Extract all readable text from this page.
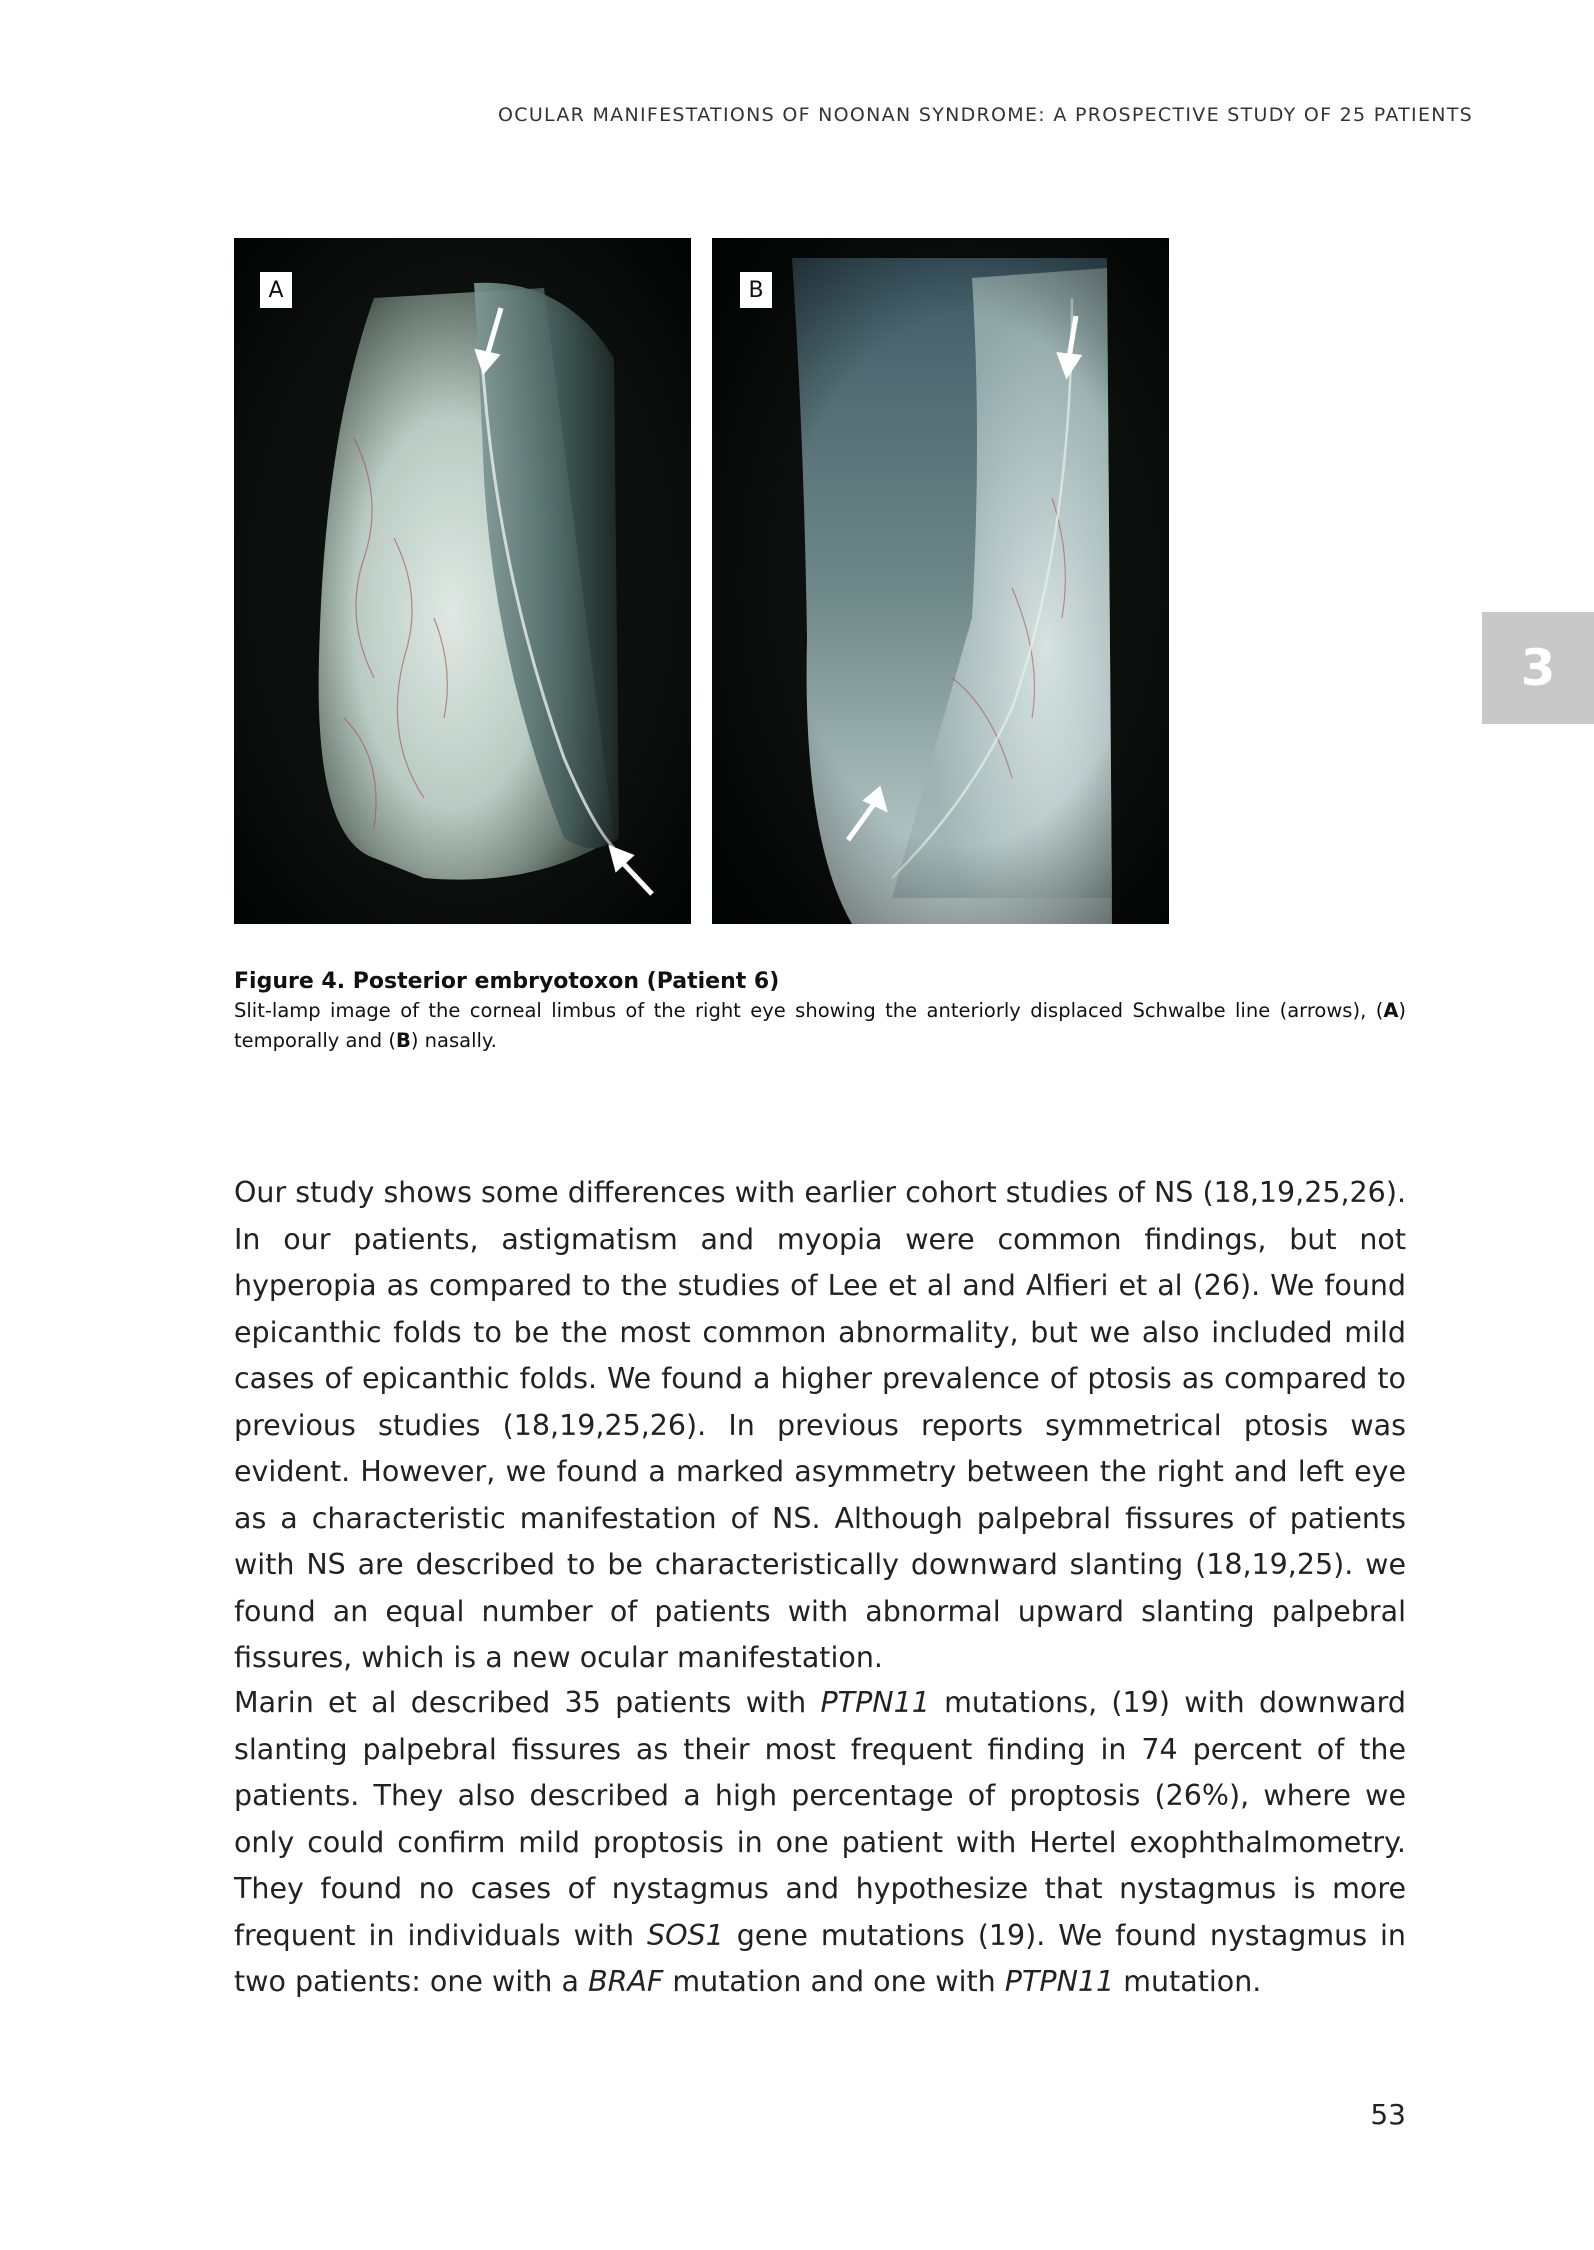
OCULAR MANIFESTATIONS OF NOONAN SYNDROME: A PROSPECTIVE STUDY OF 25 PATIENTS
3
A	B
Figure 4. Posterior embryotoxon (Patient 6)
Slit-lamp image of the corneal limbus of the right eye showing the anteriorly displaced Schwalbe line (arrows), (A) temporally and (B) nasally.

Our study shows some differences with earlier cohort studies of NS (18,19,25,26). In our patients, astigmatism and myopia were common findings, but not hyperopia as compared to the studies of Lee et al and Alfieri et al (26). We found epicanthic folds to be the most common abnormality, but we also included mild cases of epicanthic folds. We found a higher prevalence of ptosis as compared to previous studies (18,19,25,26). In previous reports symmetrical ptosis was evident. However, we found a marked asymmetry between the right and left eye as a characteristic manifestation of NS. Although palpebral fissures of patients with NS are described to be characteristically downward slanting (18,19,25). we found an equal number of patients with abnormal upward slanting palpebral fissures, which is a new ocular manifestation.

Marin et al described 35 patients with PTPN11 mutations, (19) with downward slanting palpebral fissures as their most frequent finding in 74 percent of the patients. They also described a high percentage of proptosis (26%), where we only could confirm mild proptosis in one patient with Hertel exophthalmometry. They found no cases of nystagmus and hypothesize that nystagmus is more frequent in individuals with SOS1 gene mutations (19). We found nystagmus in two patients: one with a BRAF mutation and one with PTPN11 mutation.

53
